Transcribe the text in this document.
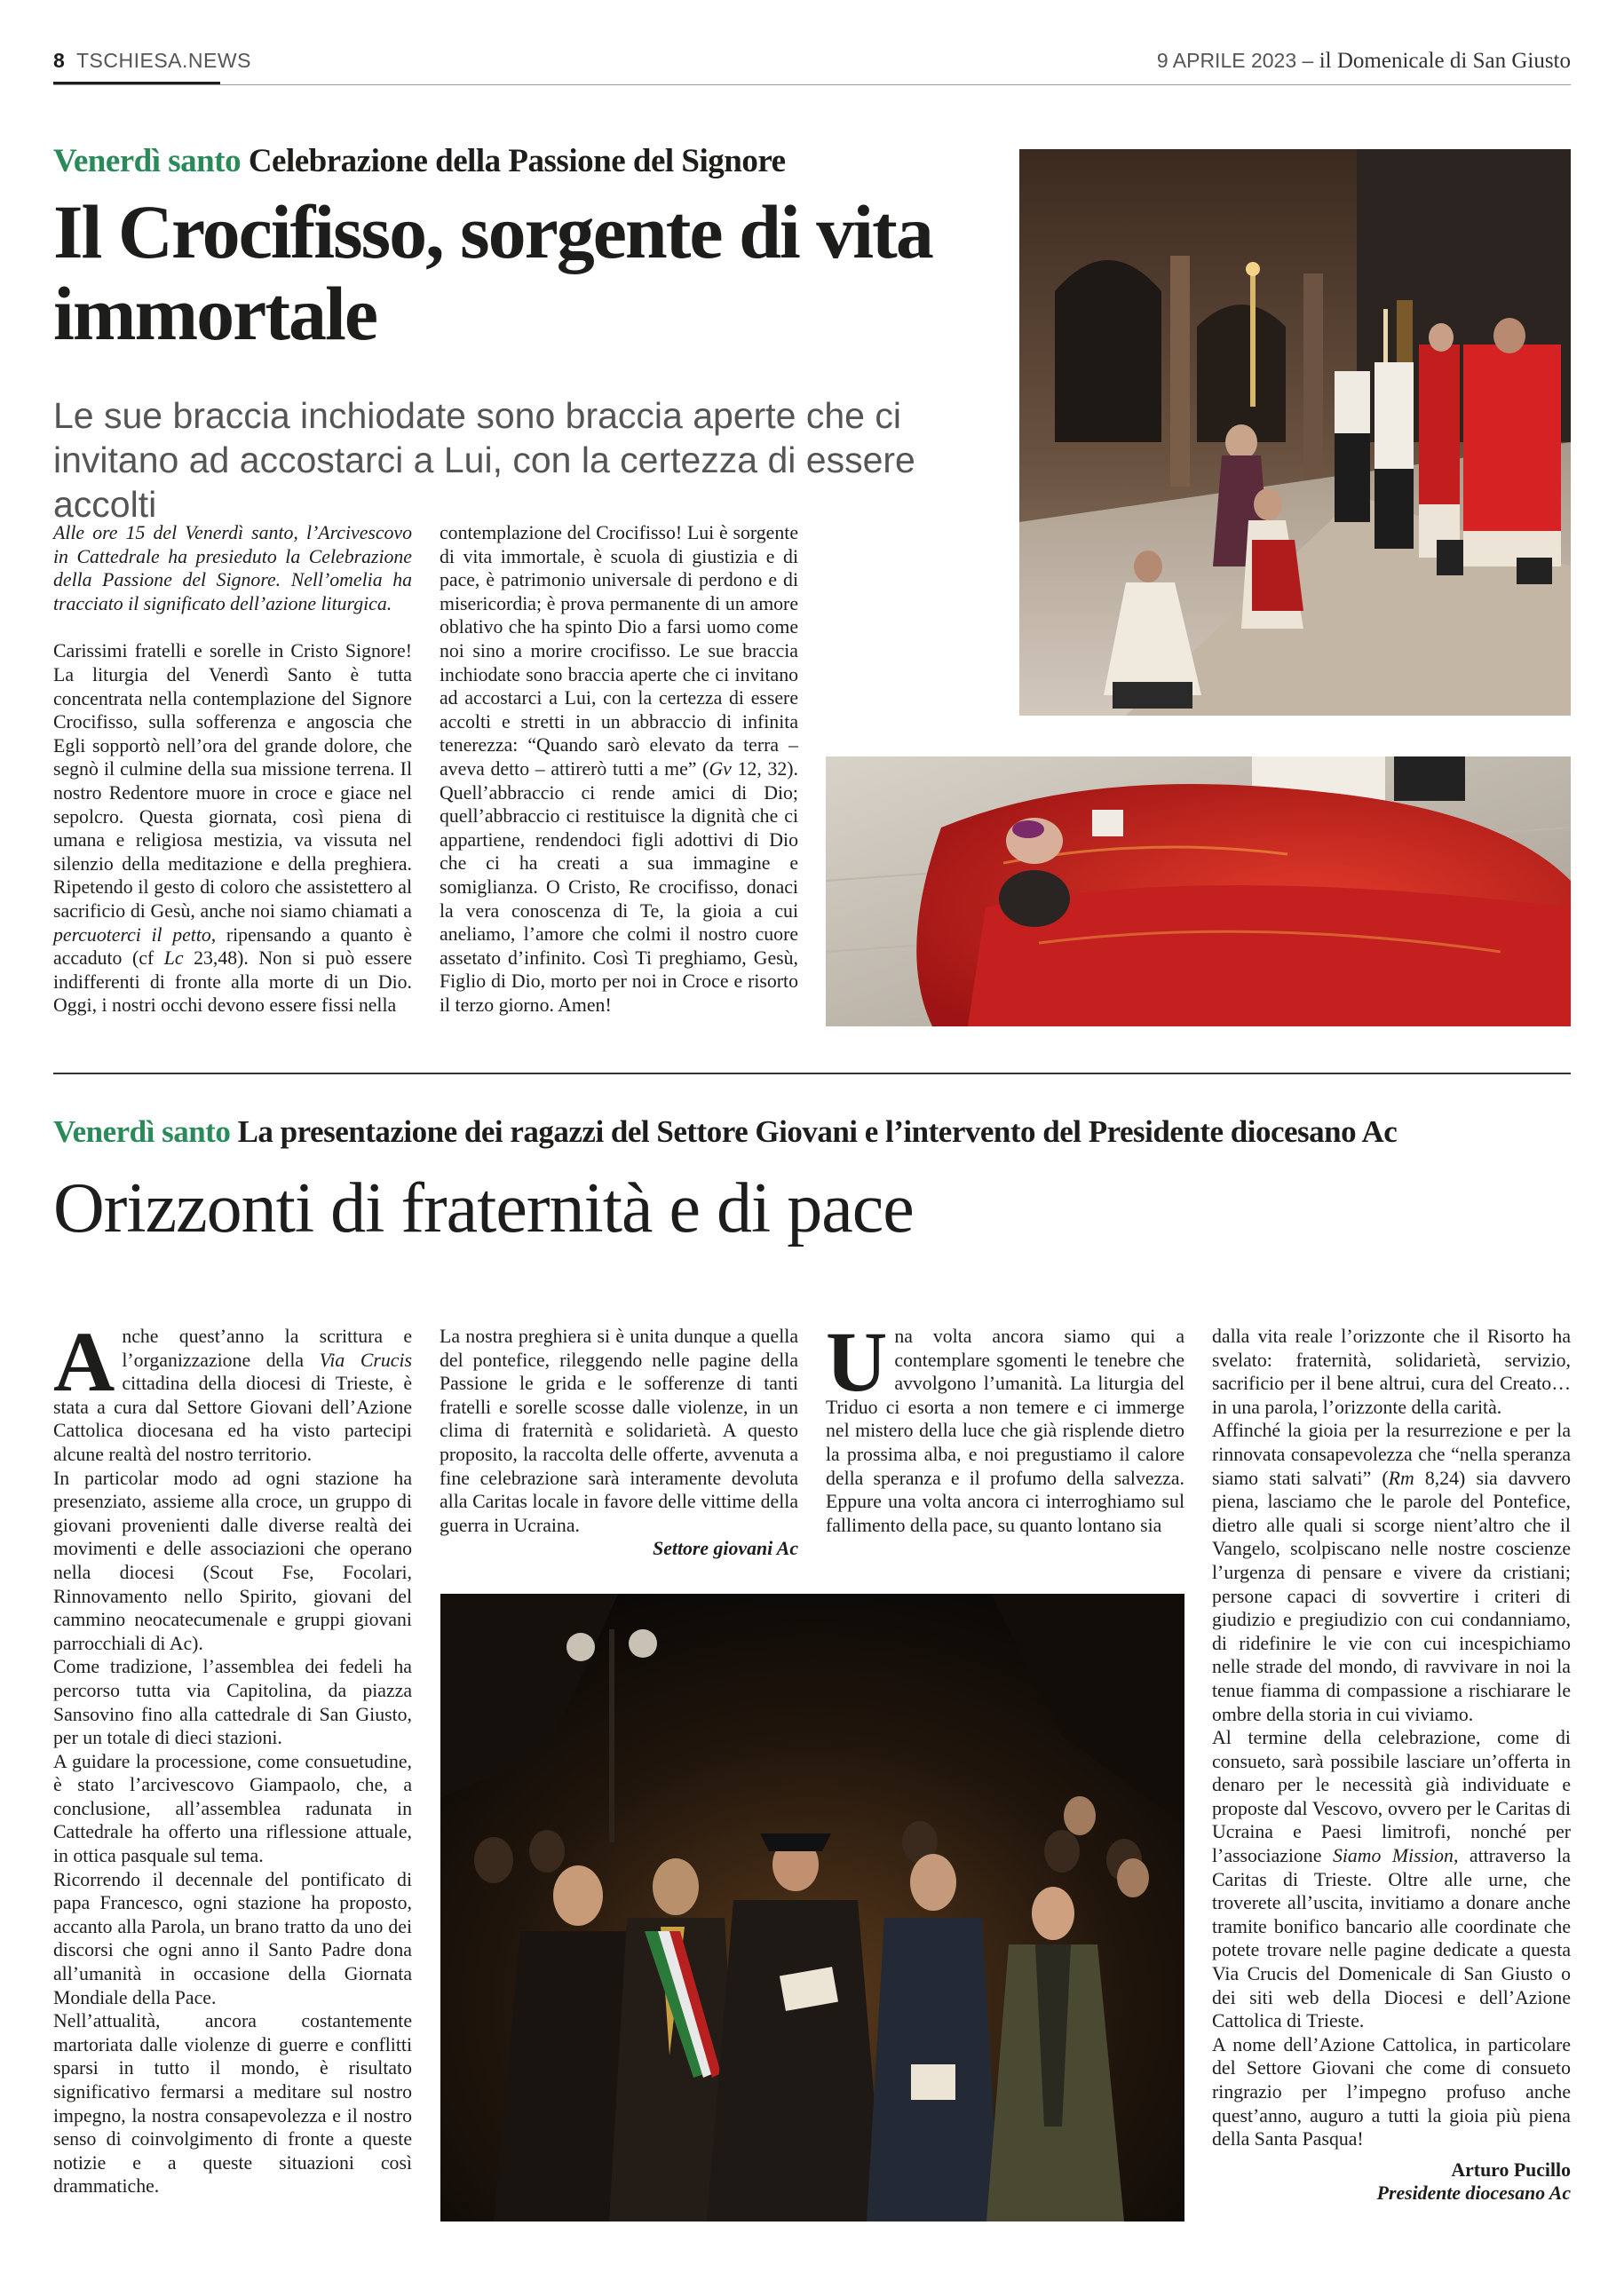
8 TSCHIESA.NEWS	9 APRILE 2023 – il Domenicale di San Giusto
Venerdì santo Celebrazione della Passione del Signore
Il Crocifisso, sorgente di vita immortale
Le sue braccia inchiodate sono braccia aperte che ci invitano ad accostarci a Lui, con la certezza di essere accolti

Alle ore 15 del Venerdì santo, l’Arcivescovo in Cattedrale ha presieduto la Celebrazione della Passione del Signore. Nell’omelia ha tracciato il significato dell’azione liturgica.

Carissimi fratelli e sorelle in Cristo Signore! La liturgia del Venerdì Santo è tutta concentrata nella contemplazione del Signore Crocifisso, sulla sofferenza e angoscia che Egli sopportò nell’ora del grande dolore, che segnò il culmine della sua missione terrena. Il nostro Redentore muore in croce e giace nel sepolcro. Questa giornata, così piena di umana e religiosa mestizia, va vissuta nel silenzio della meditazione e della preghiera. Ripetendo il gesto di coloro che assistettero al sacrificio di Gesù, anche noi siamo chiamati a percuoterci il petto, ripensando a quanto è accaduto (cf Lc 23,48). Non si può essere indifferenti di fronte alla morte di un Dio. Oggi, i nostri occhi devono essere fissi nella

contemplazione del Crocifisso! Lui è sorgente di vita immortale, è scuola di giustizia e di pace, è patrimonio universale di perdono e di misericordia; è prova permanente di un amore oblativo che ha spinto Dio a farsi uomo come noi sino a morire crocifisso. Le sue braccia inchiodate sono braccia aperte che ci invitano ad accostarci a Lui, con la certezza di essere accolti e stretti in un abbraccio di infinita tenerezza: “Quando sarò elevato da terra – aveva detto – attirerò tutti a me” (Gv 12, 32). Quell’abbraccio ci rende amici di Dio; quell’abbraccio ci restituisce la dignità che ci appartiene, rendendoci figli adottivi di Dio che ci ha creati a sua immagine e somiglianza. O Cristo, Re crocifisso, donaci la vera conoscenza di Te, la gioia a cui aneliamo, l’amore che colmi il nostro cuore assetato d’infinito. Così Ti preghiamo, Gesù, Figlio di Dio, morto per noi in Croce e risorto il terzo giorno. Amen!

Venerdì santo La presentazione dei ragazzi del Settore Giovani e l’intervento del Presidente diocesano Ac
Orizzonti di fraternità e di pace

Anche quest’anno la scrittura e l’organizzazione della Via Crucis cittadina della diocesi di Trieste, è stata a cura dal Settore Giovani dell’Azione Cattolica diocesana ed ha visto partecipi alcune realtà del nostro territorio.

In particolar modo ad ogni stazione ha presenziato, assieme alla croce, un gruppo di giovani provenienti dalle diverse realtà dei movimenti e delle associazioni che operano nella diocesi (Scout Fse, Focolari, Rinnovamento nello Spirito, giovani del cammino neocatecumenale e gruppi giovani parrocchiali di Ac).

Come tradizione, l’assemblea dei fedeli ha percorso tutta via Capitolina, da piazza Sansovino fino alla cattedrale di San Giusto, per un totale di dieci stazioni.

A guidare la processione, come consuetudine, è stato l’arcivescovo Giampaolo, che, a conclusione, all’assemblea radunata in Cattedrale ha offerto una riflessione attuale, in ottica pasquale sul tema.

Ricorrendo il decennale del pontificato di papa Francesco, ogni stazione ha proposto, accanto alla Parola, un brano tratto da uno dei discorsi che ogni anno il Santo Padre dona all’umanità in occasione della Giornata Mondiale della Pace.

Nell’attualità, ancora costantemente martoriata dalle violenze di guerre e conflitti sparsi in tutto il mondo, è risultato significativo fermarsi a meditare sul nostro impegno, la nostra consapevolezza e il nostro senso di coinvolgimento di fronte a queste notizie e a queste situazioni così drammatiche.

La nostra preghiera si è unita dunque a quella del pontefice, rileggendo nelle pagine della Passione le grida e le sofferenze di tanti fratelli e sorelle scosse dalle violenze, in un clima di fraternità e solidarietà. A questo proposito, la raccolta delle offerte, avvenuta a fine celebrazione sarà interamente devoluta alla Caritas locale in favore delle vittime della guerra in Ucraina.

Settore giovani Ac

Una volta ancora siamo qui a contemplare sgomenti le tenebre che avvolgono l’umanità. La liturgia del Triduo ci esorta a non temere e ci immerge nel mistero della luce che già risplende dietro la prossima alba, e noi pregustiamo il calore della speranza e il profumo della salvezza. Eppure una volta ancora ci interroghiamo sul fallimento della pace, su quanto lontano sia

dalla vita reale l’orizzonte che il Risorto ha svelato: fraternità, solidarietà, servizio, sacrificio per il bene altrui, cura del Creato… in una parola, l’orizzonte della carità.

Affinché la gioia per la resurrezione e per la rinnovata consapevolezza che “nella speranza siamo stati salvati” (Rm 8,24) sia davvero piena, lasciamo che le parole del Pontefice, dietro alle quali si scorge nient’altro che il Vangelo, scolpiscano nelle nostre coscienze l’urgenza di pensare e vivere da cristiani; persone capaci di sovvertire i criteri di giudizio e pregiudizio con cui condanniamo, di ridefinire le vie con cui incespichiamo nelle strade del mondo, di ravvivare in noi la tenue fiamma di compassione a rischiarare le ombre della storia in cui viviamo.

Al termine della celebrazione, come di consueto, sarà possibile lasciare un’offerta in denaro per le necessità già individuate e proposte dal Vescovo, ovvero per le Caritas di Ucraina e Paesi limitrofi, nonché per l’associazione Siamo Mission, attraverso la Caritas di Trieste. Oltre alle urne, che troverete all’uscita, invitiamo a donare anche tramite bonifico bancario alle coordinate che potete trovare nelle pagine dedicate a questa Via Crucis del Domenicale di San Giusto o dei siti web della Diocesi e dell’Azione Cattolica di Trieste.

A nome dell’Azione Cattolica, in particolare del Settore Giovani che come di consueto ringrazio per l’impegno profuso anche quest’anno, auguro a tutti la gioia più piena della Santa Pasqua!

Arturo Pucillo

Presidente diocesano Ac
